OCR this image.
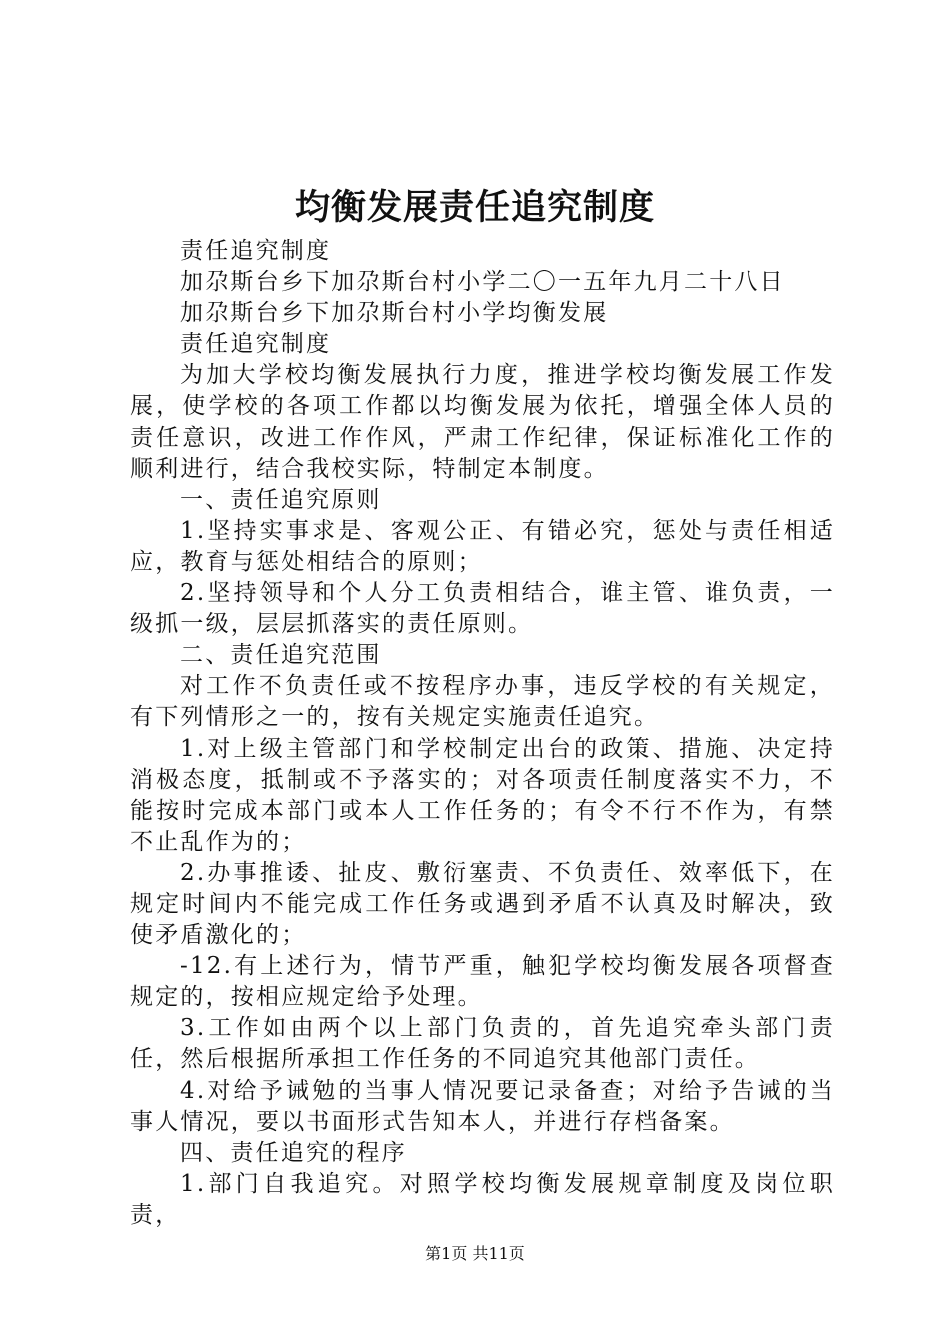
均衡发展责任追究制度

责任追究制度

加尕斯台乡下加尕斯台村小学二〇一五年九月二十八日

加尕斯台乡下加尕斯台村小学均衡发展

责任追究制度

为加大学校均衡发展执行力度，推进学校均衡发展工作发展，使学校的各项工作都以均衡发展为依托，增强全体人员的责任意识，改进工作作风，严肃工作纪律，保证标准化工作的顺利进行，结合我校实际，特制定本制度。

一、责任追究原则

1.坚持实事求是、客观公正、有错必究，惩处与责任相适应，教育与惩处相结合的原则；

2.坚持领导和个人分工负责相结合，谁主管、谁负责，一级抓一级，层层抓落实的责任原则。

二、责任追究范围

对工作不负责任或不按程序办事，违反学校的有关规定，有下列情形之一的，按有关规定实施责任追究。

1.对上级主管部门和学校制定出台的政策、措施、决定持消极态度，抵制或不予落实的；对各项责任制度落实不力，不能按时完成本部门或本人工作任务的；有令不行不作为，有禁不止乱作为的；

2.办事推诿、扯皮、敷衍塞责、不负责任、效率低下，在规定时间内不能完成工作任务或遇到矛盾不认真及时解决，致使矛盾激化的；

-12.有上述行为，情节严重，触犯学校均衡发展各项督查规定的，按相应规定给予处理。

3.工作如由两个以上部门负责的，首先追究牵头部门责任，然后根据所承担工作任务的不同追究其他部门责任。

4.对给予诫勉的当事人情况要记录备查；对给予告诫的当事人情况，要以书面形式告知本人，并进行存档备案。

四、责任追究的程序

1.部门自我追究。对照学校均衡发展规章制度及岗位职责，

第1页 共11页
